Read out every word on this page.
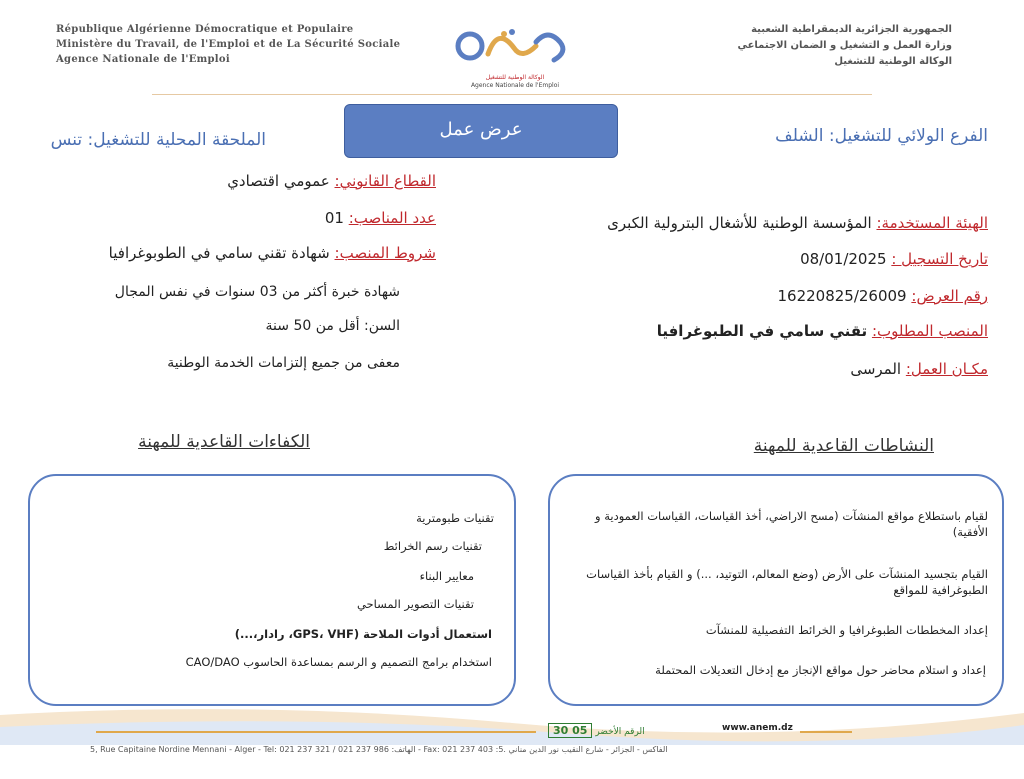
République Algérienne Démocratique et Populaire
Ministère du Travail, de l'Emploi et de La Sécurité Sociale
Agence Nationale de l'Emploi
الوكالة الوطنية للتشغيل
Agence Nationale de l'Emploi
الجمهورية الجزائرية الديمقراطية الشعبية
وزارة العمل و التشغيل و الضمان الاجتماعي
الوكالة الوطنية للتشغيل
عرض عمل	الفرع الولائي للتشغيل: الشلف
الملحقة المحلية للتشغيل: تنس
الهيئة المستخدمة: المؤسسة الوطنية للأشغال البترولية الكبرى
تاريخ التسجيل : 08/01/2025
رقم العرض: 16220825/26009
المنصب المطلوب: تقني سامي في الطبوغرافيا
مكـان العمل: المرسى
القطاع القانوني: عمومي اقتصادي
عدد المناصب: 01
شروط المنصب: شهادة تقني سامي في الطوبوغرافيا
شهادة خبرة أكثر من 03 سنوات في نفس المجال
السن: أقل من 50 سنة
معفى من جميع إلتزامات الخدمة الوطنية
النشاطات القاعدية للمهنة
الكفاءات القاعدية للمهنة
تقنيات طبومترية
تقنيات رسم الخرائط
معايير البناء
تقنيات التصوير المساحي
استعمال أدوات الملاحة (GPS، VHF، رادار،...)
استخدام برامج التصميم و الرسم بمساعدة الحاسوب CAO/DAO
لقيام باستطلاع مواقع المنشآت (مسح الاراضي، أخذ القياسات، القياسات العمودية و الأفقية)
القيام بتجسيد المنشآت على الأرض (وضع المعالم، التوتيد، ...) و القيام بأخذ القياسات الطبوغرافية للمواقع
إعداد المخططات الطبوغرافيا و الخرائط التفصيلية للمنشآت
إعداد و استلام محاضر حول مواقع الإنجاز مع إدخال التعديلات المحتملة
30 05 الرقم الأخضر	www.anem.dz
5, Rue Capitaine Nordine Mennani - Alger - Tel: 021 237 321 / 021 237 986 :الهاتف - Fax: 021 237 403 :الفاكس - الجزائر - شارع النقيب نور الدين مناني .5
